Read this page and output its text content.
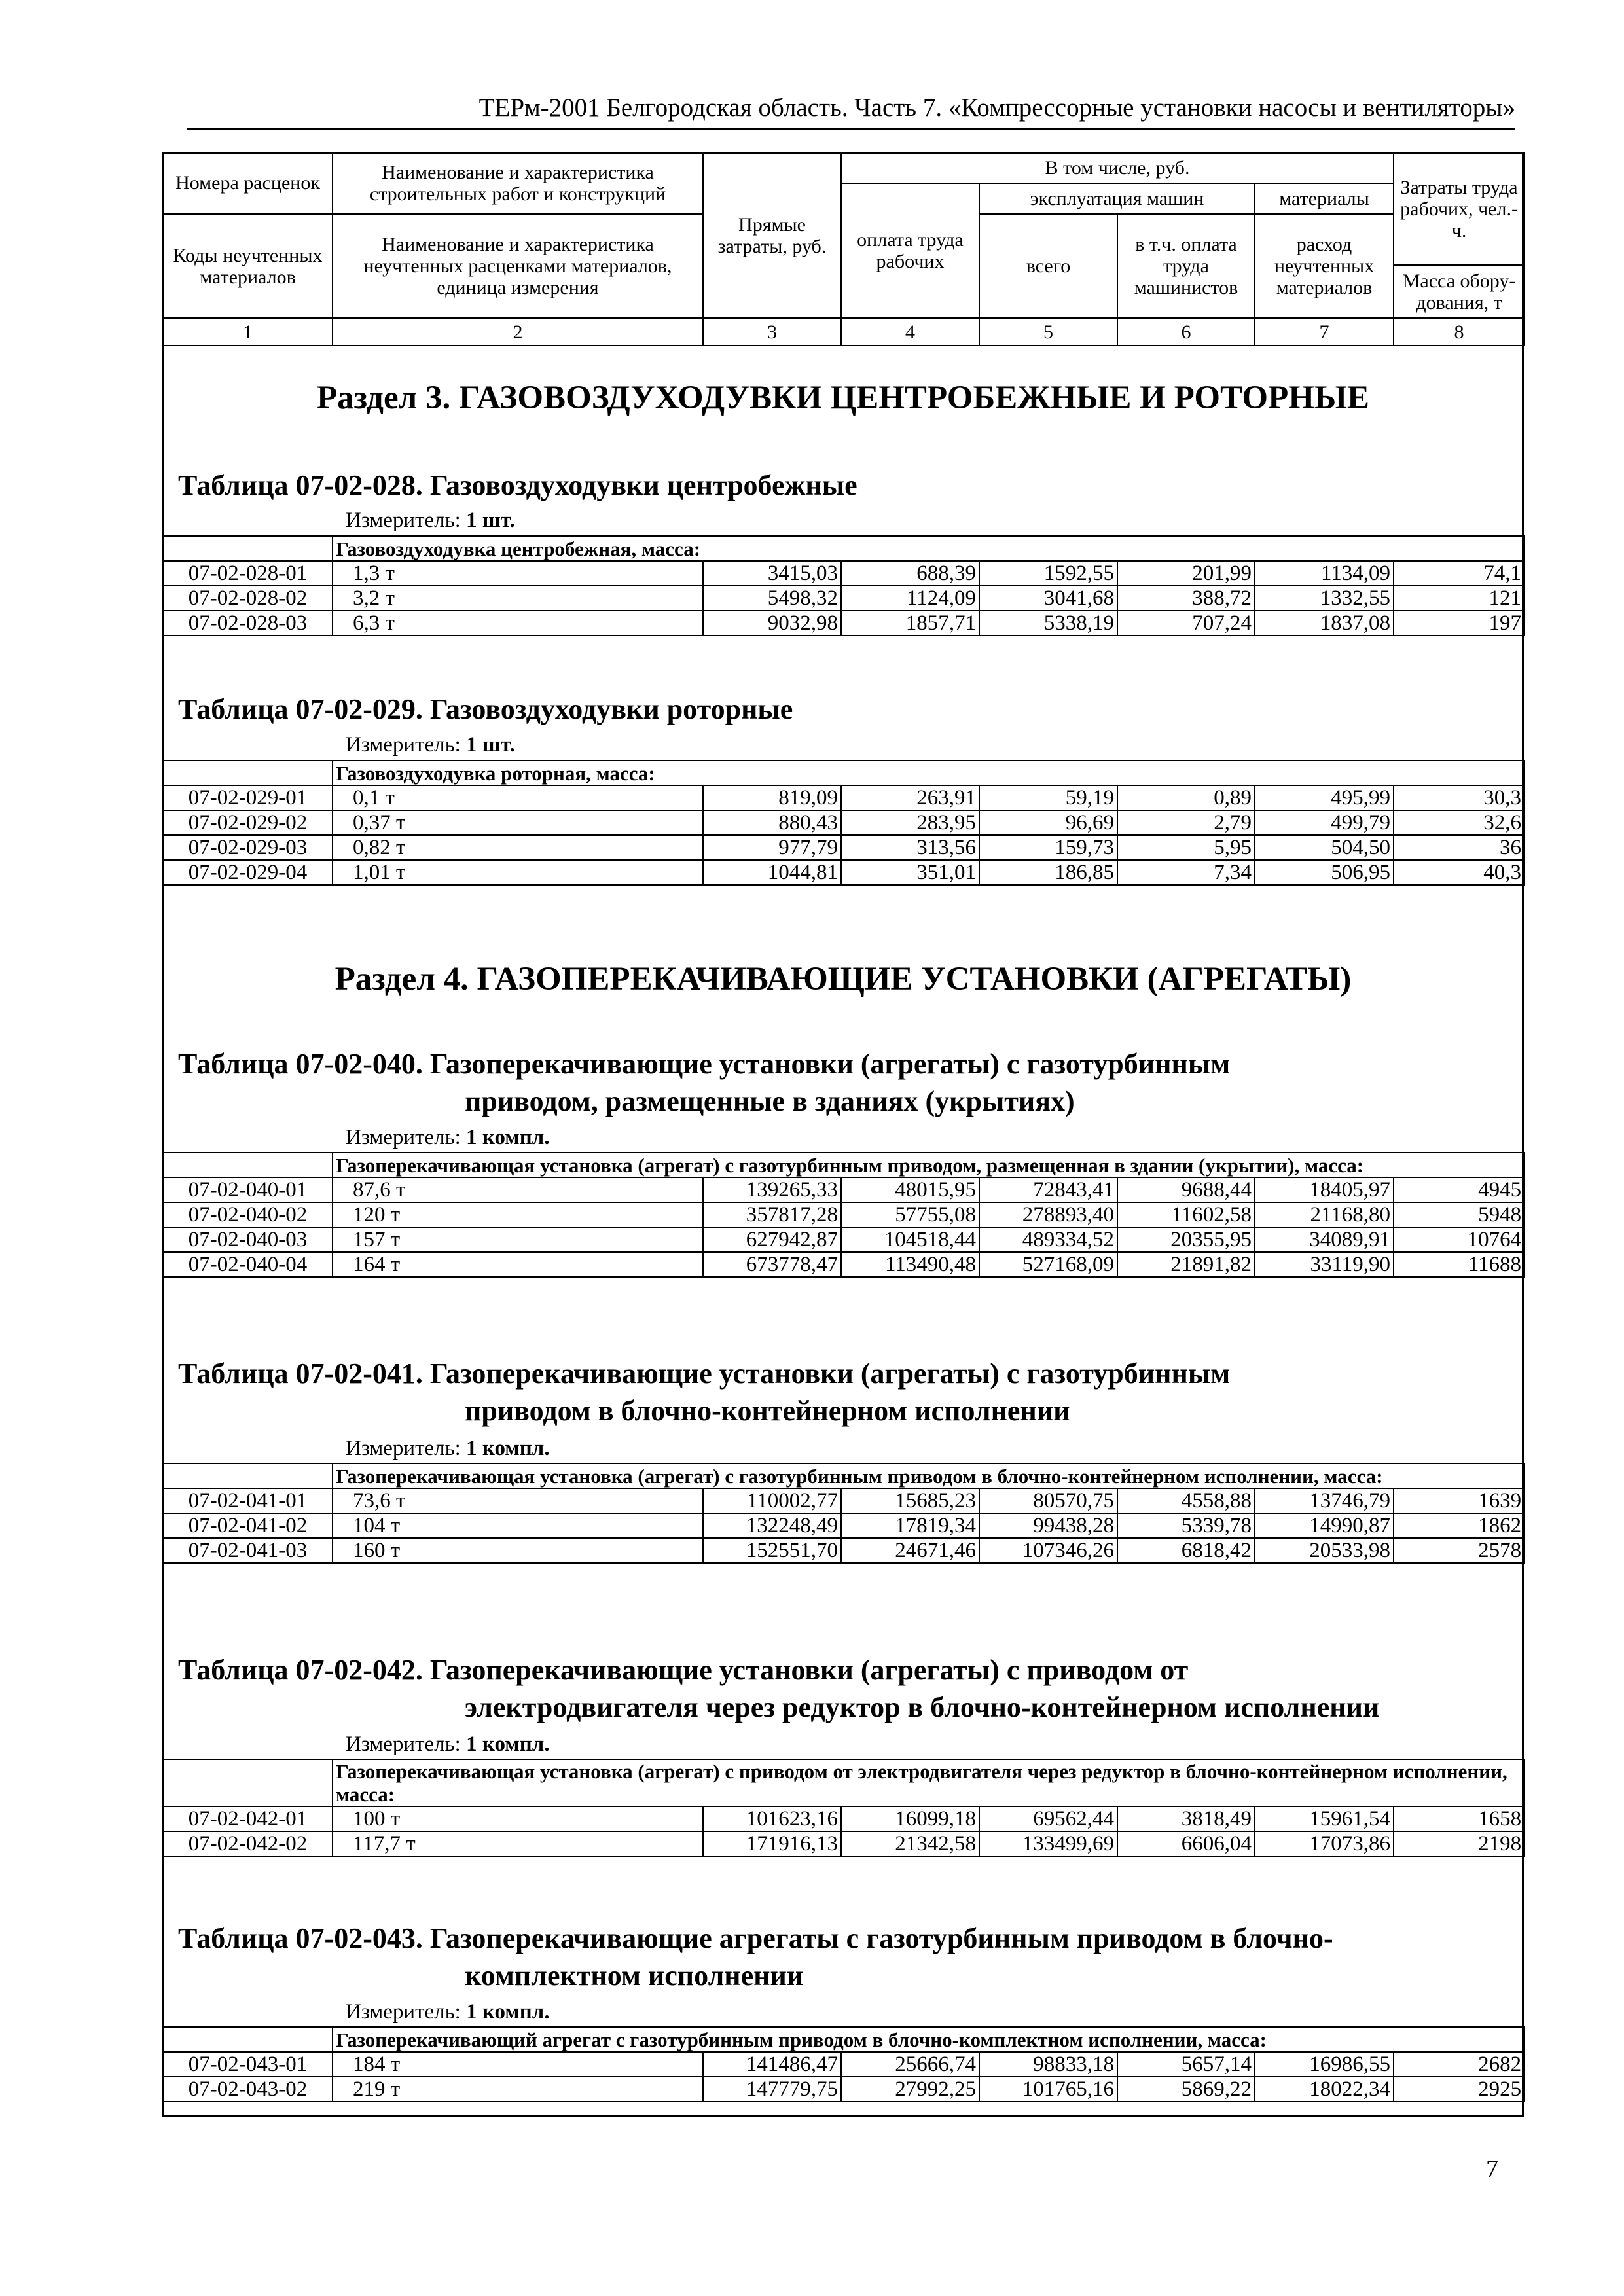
ТЕРм-2001 Белгородская область. Часть 7. «Компрессорные установки насосы и вентиляторы»
Номера расценок	Наименование и характеристика строительных работ и конструкций	Прямые затраты, руб.	В том числе, руб.				Затраты труда рабочих, чел.-ч.
			оплата труда рабочих	эксплуатация машин		материалы	
Коды неучтенных материалов	Наименование и характеристика неучтенных расценками материалов, единица измерения			всего	в т.ч. оплата труда машинистов	расход неучтенных материалов	
							Масса обору-дования, т
1	2	3	4	5	6	7	8
Раздел 3. ГАЗОВОЗДУХОДУВКИ ЦЕНТРОБЕЖНЫЕ И РОТОРНЫЕ
Таблица 07-02-028. Газовоздуходувки центробежные
Измеритель: 1 шт.
	Газовоздуходувка центробежная, масса:						
07-02-028-01	1,3 т	3415,03	688,39	1592,55	201,99	1134,09	74,1
07-02-028-02	3,2 т	5498,32	1124,09	3041,68	388,72	1332,55	121
07-02-028-03	6,3 т	9032,98	1857,71	5338,19	707,24	1837,08	197
Таблица 07-02-029. Газовоздуходувки роторные
Измеритель: 1 шт.
	Газовоздуходувка роторная, масса:						
07-02-029-01	0,1 т	819,09	263,91	59,19	0,89	495,99	30,3
07-02-029-02	0,37 т	880,43	283,95	96,69	2,79	499,79	32,6
07-02-029-03	0,82 т	977,79	313,56	159,73	5,95	504,50	36
07-02-029-04	1,01 т	1044,81	351,01	186,85	7,34	506,95	40,3
Раздел 4. ГАЗОПЕРЕКАЧИВАЮЩИЕ УСТАНОВКИ (АГРЕГАТЫ)
Таблица 07-02-040. Газоперекачивающие установки (агрегаты) с газотурбинным
приводом, размещенные в зданиях (укрытиях)
Измеритель: 1 компл.
	Газоперекачивающая установка (агрегат) с газотурбинным приводом, размещенная в здании (укрытии), масса:						
07-02-040-01	87,6 т	139265,33	48015,95	72843,41	9688,44	18405,97	4945
07-02-040-02	120 т	357817,28	57755,08	278893,40	11602,58	21168,80	5948
07-02-040-03	157 т	627942,87	104518,44	489334,52	20355,95	34089,91	10764
07-02-040-04	164 т	673778,47	113490,48	527168,09	21891,82	33119,90	11688
Таблица 07-02-041. Газоперекачивающие установки (агрегаты) с газотурбинным
приводом в блочно-контейнерном исполнении
Измеритель: 1 компл.
	Газоперекачивающая установка (агрегат) с газотурбинным приводом в блочно-контейнерном исполнении, масса:						
07-02-041-01	73,6 т	110002,77	15685,23	80570,75	4558,88	13746,79	1639
07-02-041-02	104 т	132248,49	17819,34	99438,28	5339,78	14990,87	1862
07-02-041-03	160 т	152551,70	24671,46	107346,26	6818,42	20533,98	2578
Таблица 07-02-042. Газоперекачивающие установки (агрегаты) с приводом от
электродвигателя через редуктор в блочно-контейнерном исполнении
Измеритель: 1 компл.
	Газоперекачивающая установка (агрегат) с приводом от электродвигателя через редуктор в блочно-контейнерном исполнении, масса:						
07-02-042-01	100 т	101623,16	16099,18	69562,44	3818,49	15961,54	1658
07-02-042-02	117,7 т	171916,13	21342,58	133499,69	6606,04	17073,86	2198
Таблица 07-02-043. Газоперекачивающие агрегаты с газотурбинным приводом в блочно-
комплектном исполнении
Измеритель: 1 компл.
	Газоперекачивающий агрегат с газотурбинным приводом в блочно-комплектном исполнении, масса:						
07-02-043-01	184 т	141486,47	25666,74	98833,18	5657,14	16986,55	2682
07-02-043-02	219 т	147779,75	27992,25	101765,16	5869,22	18022,34	2925
7
